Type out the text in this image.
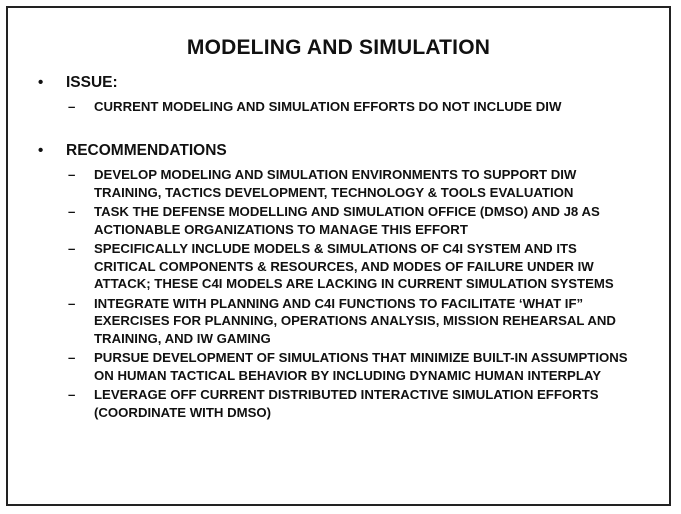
MODELING AND SIMULATION
•	ISSUE:
–	CURRENT MODELING AND SIMULATION EFFORTS DO NOT INCLUDE DIW
•	RECOMMENDATIONS
–	DEVELOP MODELING AND SIMULATION ENVIRONMENTS TO SUPPORT DIW TRAINING, TACTICS DEVELOPMENT, TECHNOLOGY & TOOLS EVALUATION
–	TASK THE DEFENSE MODELLING AND SIMULATION OFFICE (DMSO) AND J8 AS ACTIONABLE ORGANIZATIONS TO MANAGE THIS EFFORT
–	SPECIFICALLY INCLUDE MODELS & SIMULATIONS OF C4I SYSTEM AND ITS CRITICAL COMPONENTS & RESOURCES, AND MODES OF FAILURE UNDER IW ATTACK; THESE C4I MODELS ARE LACKING IN CURRENT SIMULATION SYSTEMS
–	INTEGRATE WITH PLANNING AND C4I FUNCTIONS TO FACILITATE ‘WHAT IF” EXERCISES FOR PLANNING, OPERATIONS ANALYSIS, MISSION REHEARSAL AND TRAINING, AND IW GAMING
–	PURSUE DEVELOPMENT OF SIMULATIONS THAT MINIMIZE BUILT-IN ASSUMPTIONS ON HUMAN TACTICAL BEHAVIOR BY INCLUDING DYNAMIC HUMAN INTERPLAY
–	LEVERAGE OFF CURRENT DISTRIBUTED INTERACTIVE SIMULATION EFFORTS (COORDINATE WITH DMSO)
